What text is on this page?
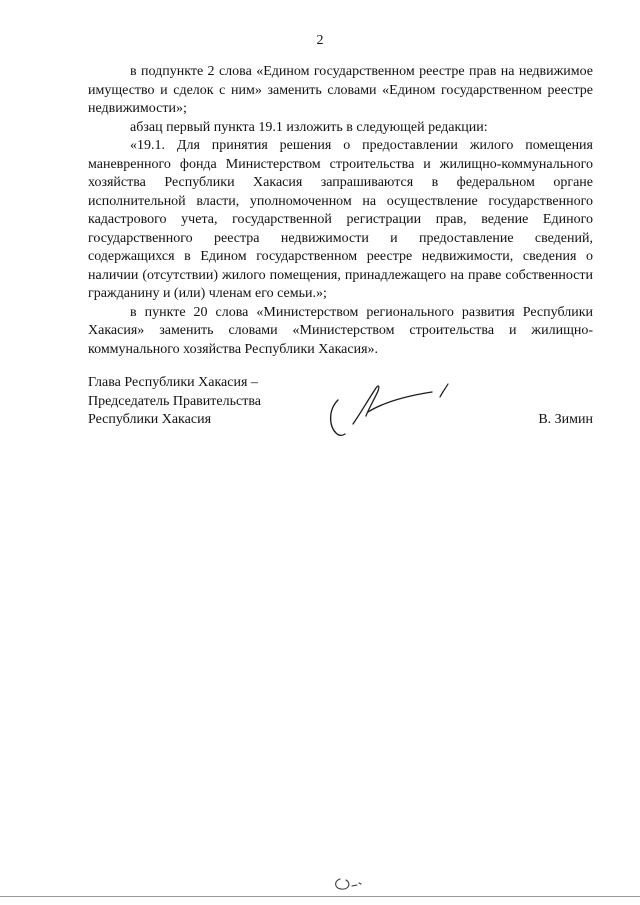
2

в подпункте 2 слова «Едином государственном реестре прав на недвижимое имущество и сделок с ним» заменить словами «Едином государственном реестре недвижимости»;

абзац первый пункта 19.1 изложить в следующей редакции:

«19.1. Для принятия решения о предоставлении жилого помещения маневренного фонда Министерством строительства и жилищно-коммунального хозяйства Республики Хакасия запрашиваются в федеральном органе исполнительной власти, уполномоченном на осуществление государственного кадастрового учета, государственной регистрации прав, ведение Единого государственного реестра недвижимости и предоставление сведений, содержащихся в Едином государственном реестре недвижимости, сведения о наличии (отсутствии) жилого помещения, принадлежащего на праве собственности гражданину и (или) членам его семьи.»;

в пункте 20 слова «Министерством регионального развития Республики Хакасия» заменить словами «Министерством строительства и жилищно-коммунального хозяйства Республики Хакасия».

Глава Республики Хакасия –
Председатель Правительства
Республики Хакасия	В. Зимин
